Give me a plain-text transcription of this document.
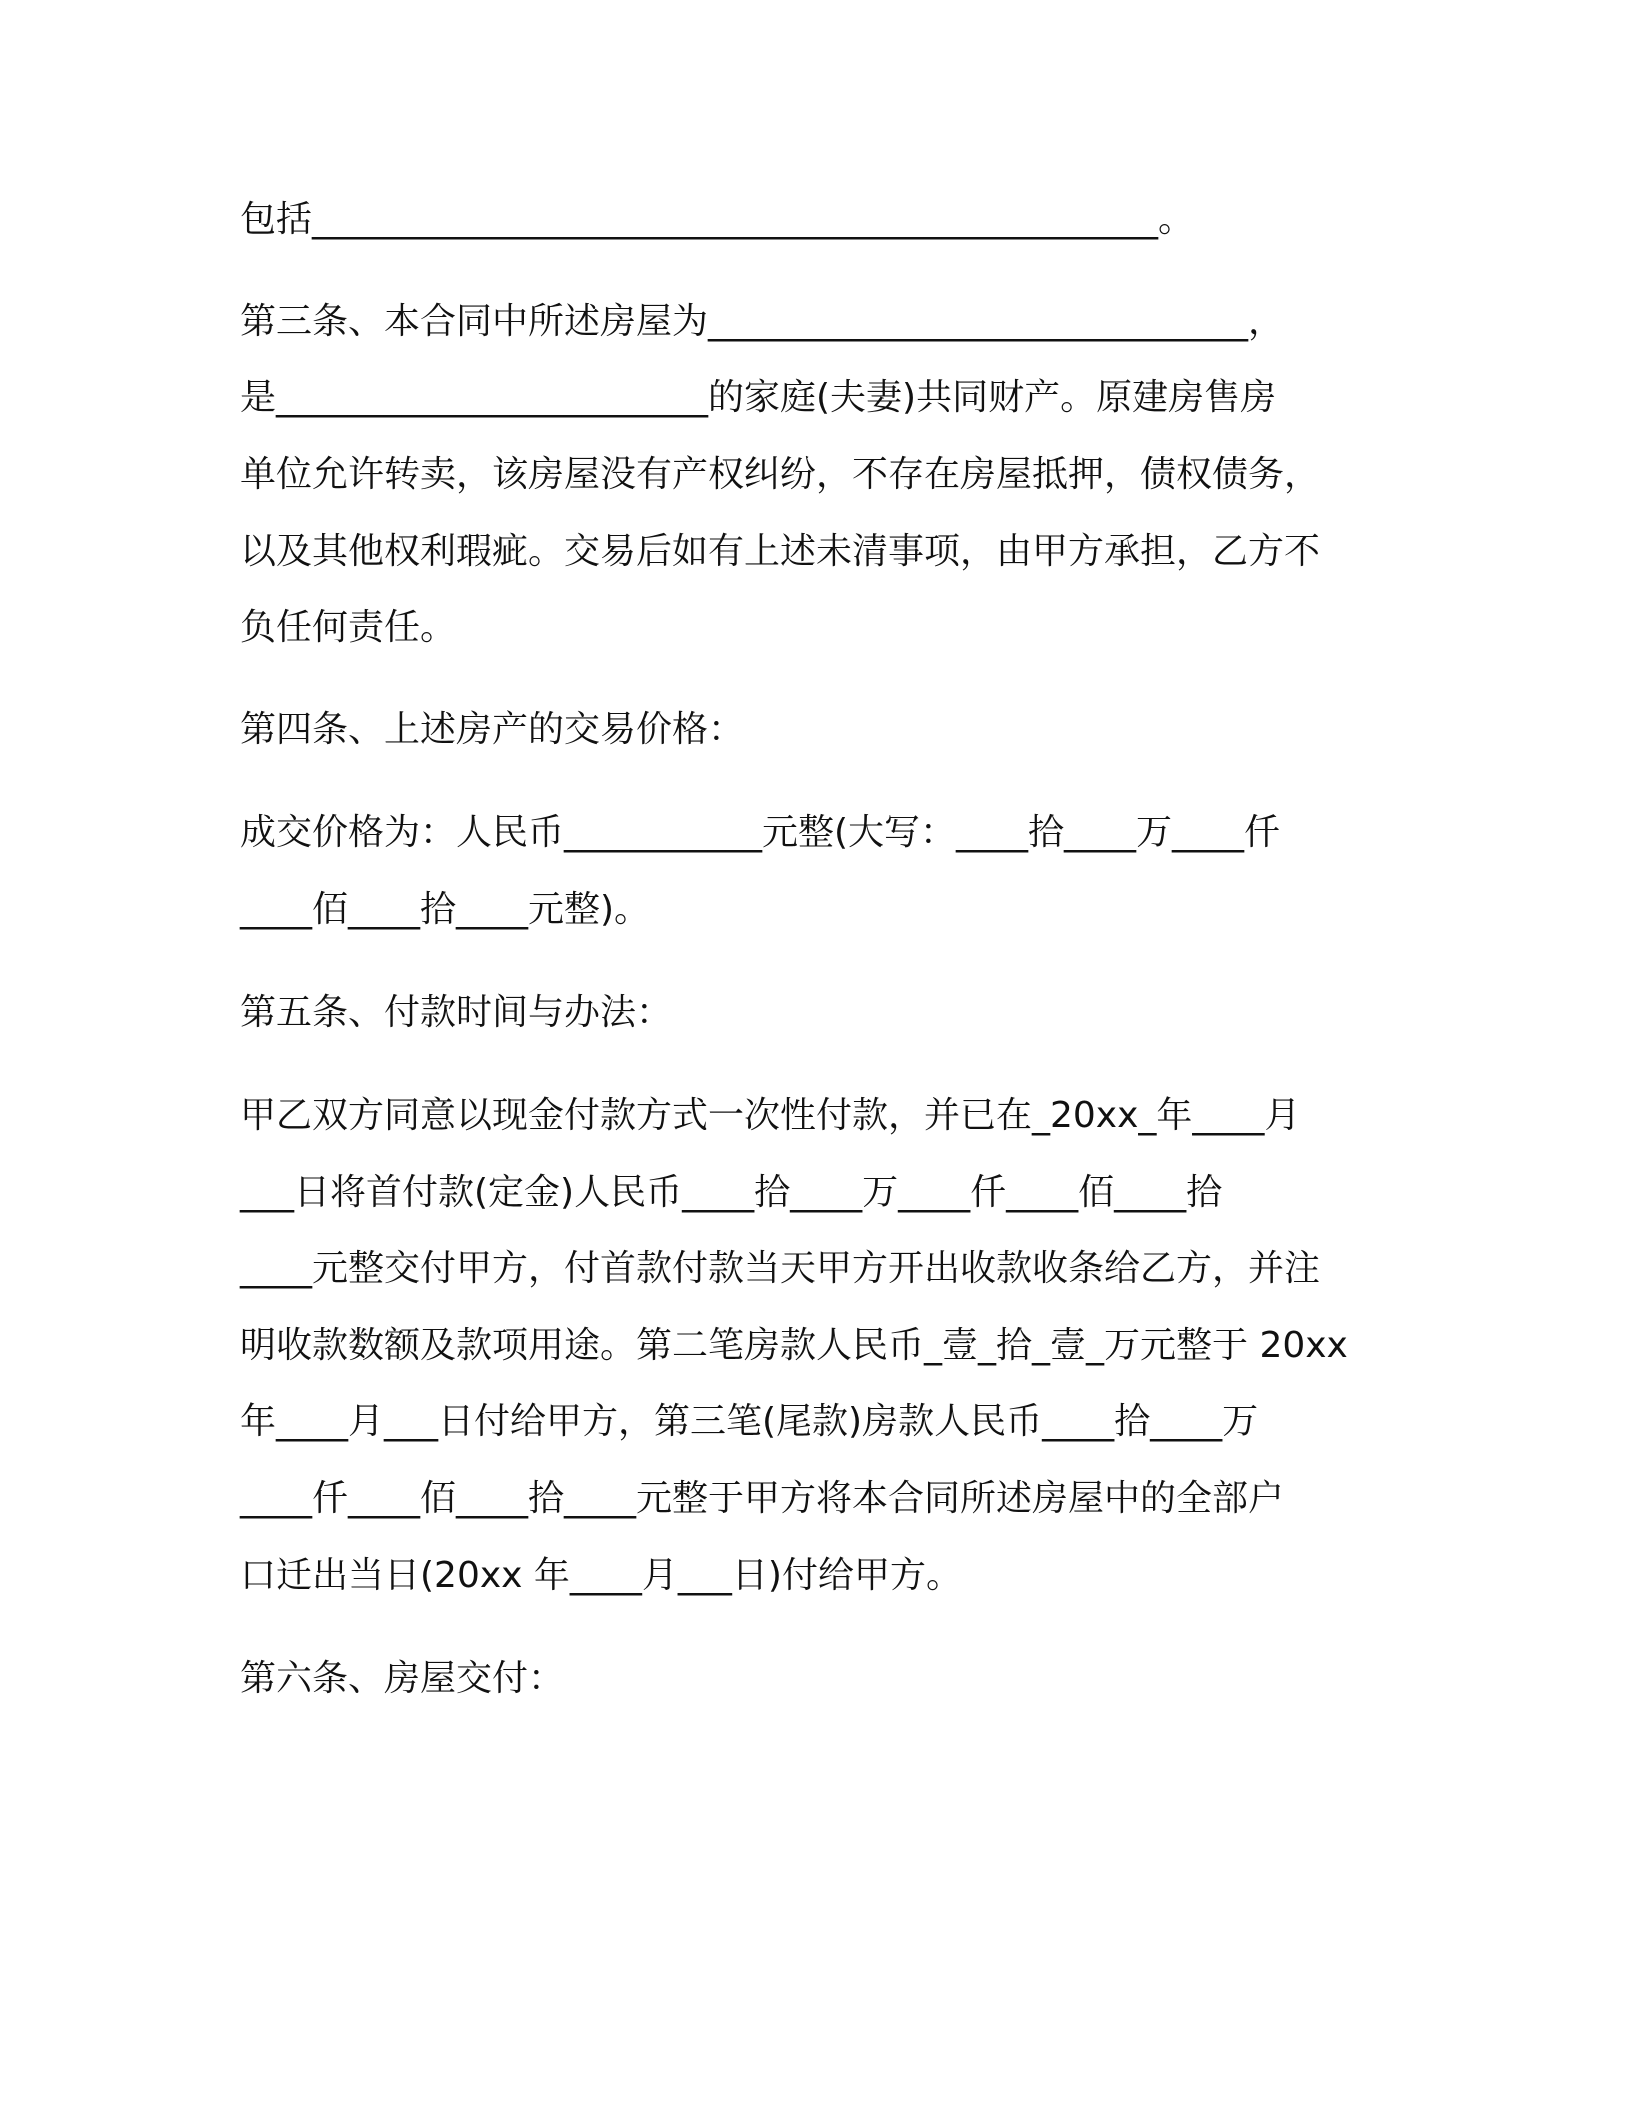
包括_______________________________________________。
第三条、本合同中所述房屋为______________________________，
是________________________的家庭(夫妻)共同财产。原建房售房
单位允许转卖，该房屋没有产权纠纷，不存在房屋抵押，债权债务，
以及其他权利瑕疵。交易后如有上述未清事项，由甲方承担，乙方不
负任何责任。
第四条、上述房产的交易价格：
成交价格为：人民币___________元整(大写：____拾____万____仟
____佰____拾____元整)。
第五条、付款时间与办法：
甲乙双方同意以现金付款方式一次性付款，并已在_20xx_年____月
___日将首付款(定金)人民币____拾____万____仟____佰____拾
____元整交付甲方，付首款付款当天甲方开出收款收条给乙方，并注
明收款数额及款项用途。第二笔房款人民币_壹_拾_壹_万元整于 20xx
年____月___日付给甲方，第三笔(尾款)房款人民币____拾____万
____仟____佰____拾____元整于甲方将本合同所述房屋中的全部户
口迁出当日(20xx 年____月___日)付给甲方。
第六条、房屋交付：
